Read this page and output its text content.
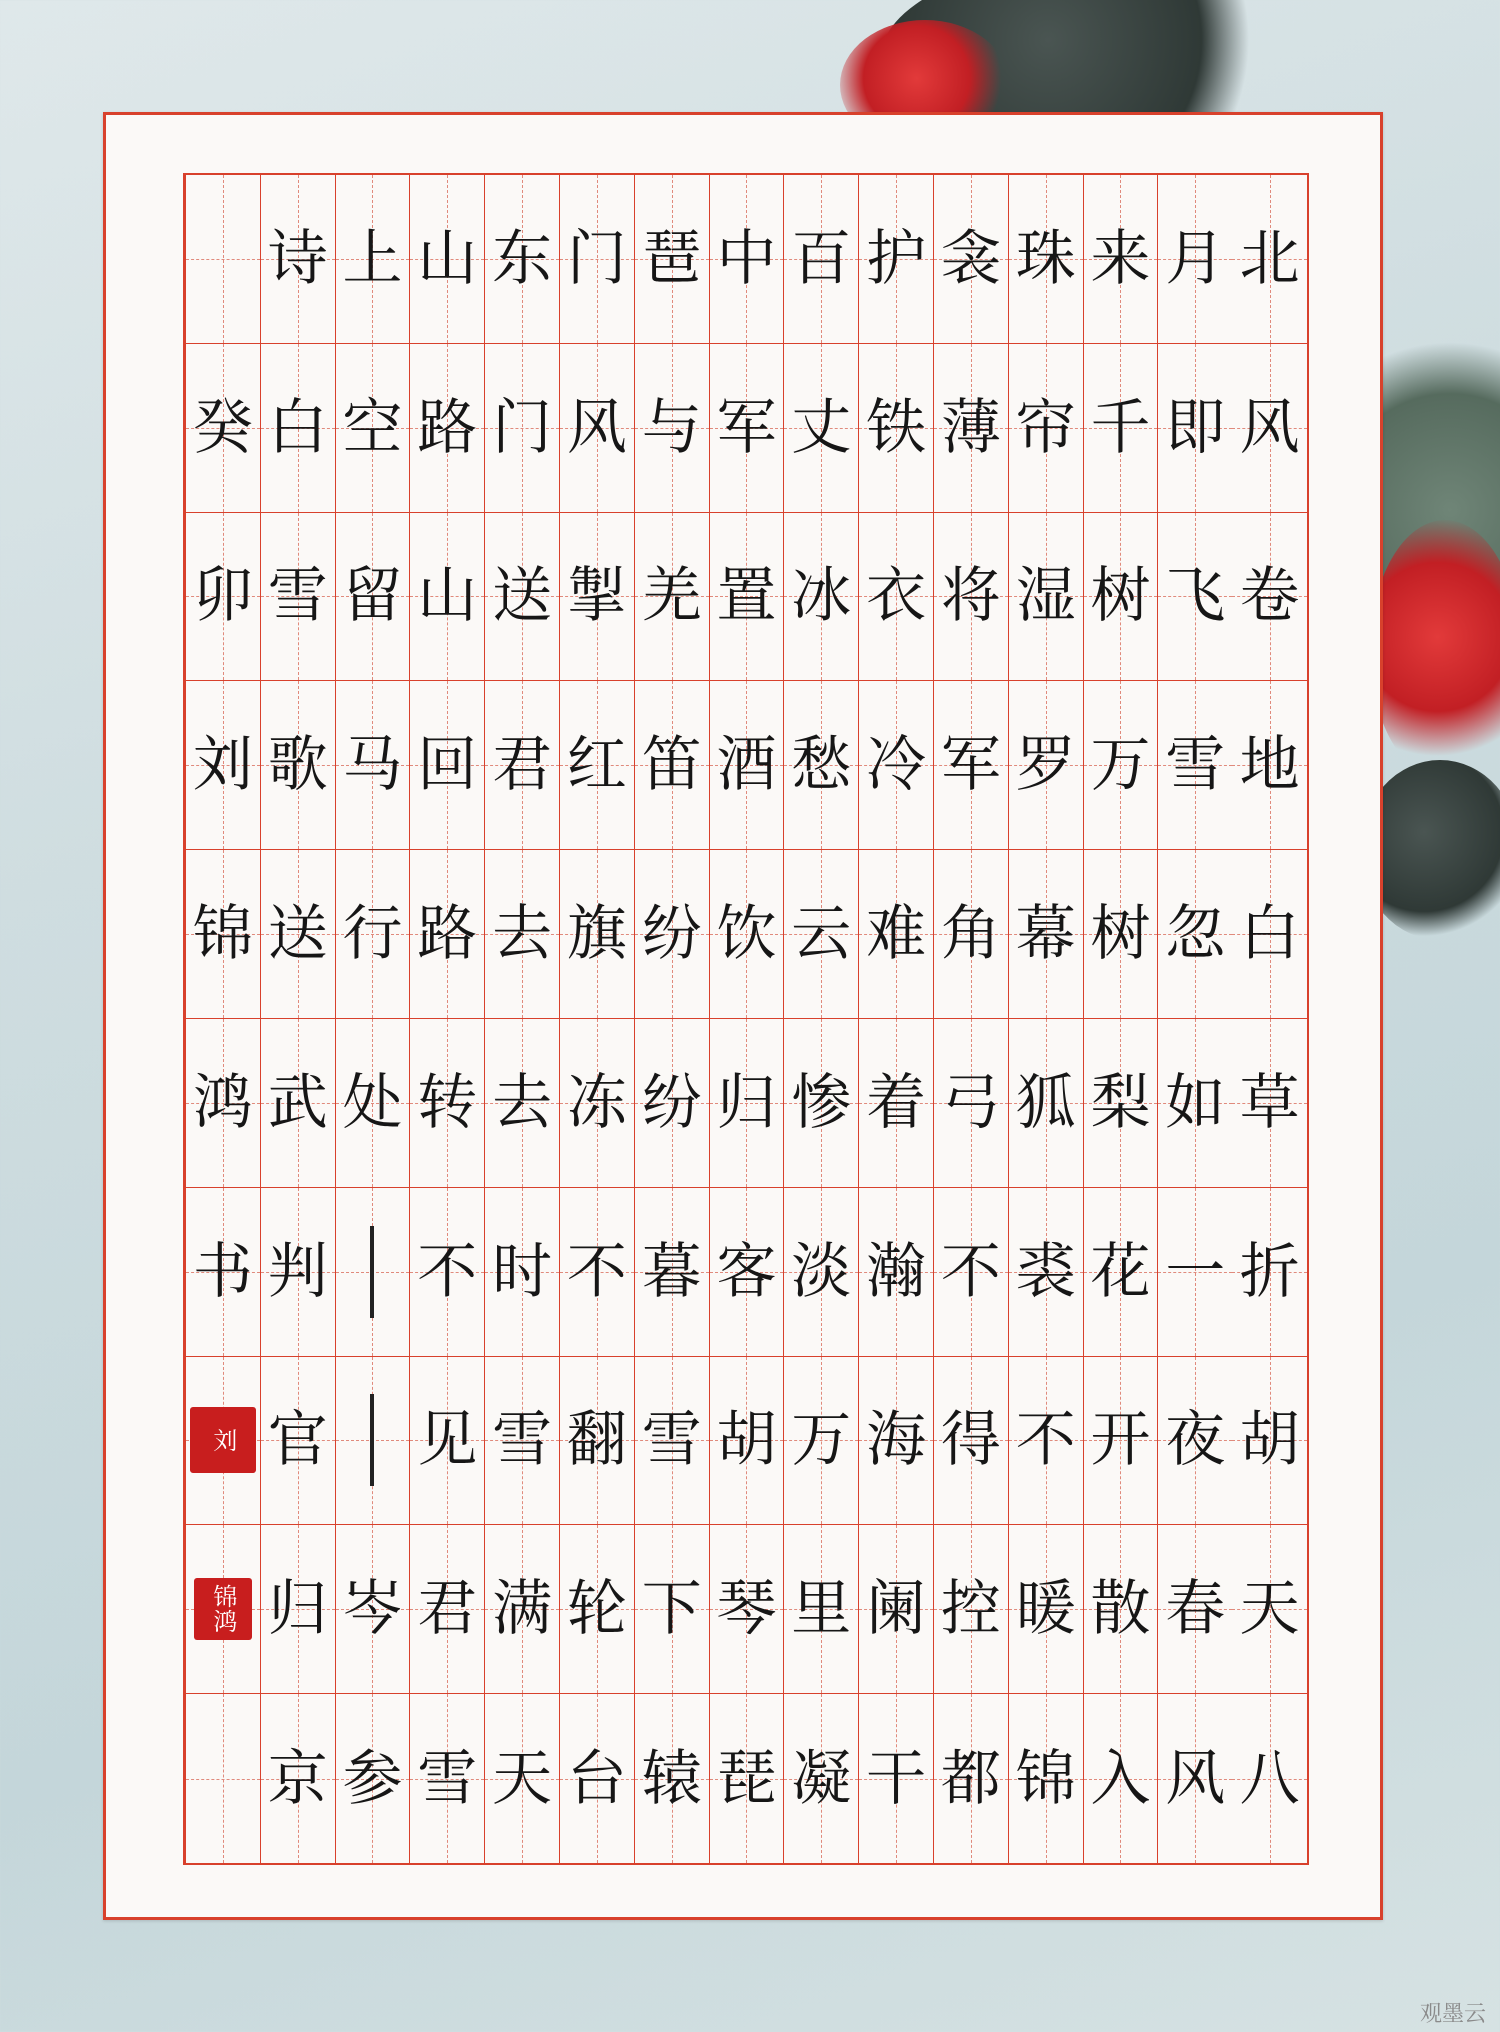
北
风
卷
地
白
草
折
胡
天
八
月
即
飞
雪
忽
如
一
夜
春
风
来
千
树
万
树
梨
花
开
散
入
珠
帘
湿
罗
幕
狐
裘
不
暖
锦
衾
薄
将
军
角
弓
不
得
控
都
护
铁
衣
冷
难
着
瀚
海
阑
干
百
丈
冰
愁
云
惨
淡
万
里
凝
中
军
置
酒
饮
归
客
胡
琴
琵
琶
与
羌
笛
纷
纷
暮
雪
下
辕
门
风
掣
红
旗
冻
不
翻
轮
台
东
门
送
君
去
去
时
雪
满
天
山
路
山
回
路
转
不
见
君
雪
上
空
留
马
行
处
岑
参
诗
白
雪
歌
送
武
判
官
归
京
癸
卯
刘
锦
鸿
书
刘
锦鸿
观墨云
